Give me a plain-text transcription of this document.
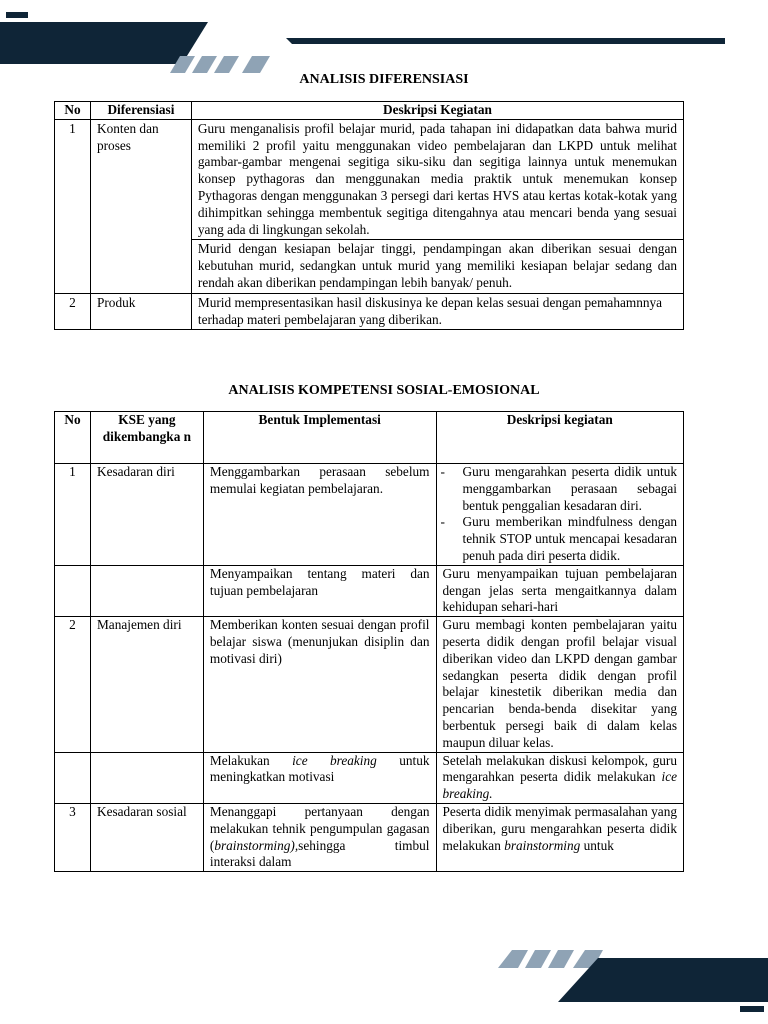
ANALISIS DIFERENSIASI
No	Diferensiasi	Deskripsi Kegiatan
1	Konten dan proses	Guru menganalisis profil belajar murid, pada tahapan ini didapatkan data bahwa murid memiliki 2 profil yaitu menggunakan video pembelajaran dan LKPD untuk melihat gambar-gambar mengenai segitiga siku-siku dan segitiga lainnya untuk menemukan konsep pythagoras dan menggunakan media praktik untuk menemukan konsep Pythagoras dengan menggunakan 3 persegi dari kertas HVS atau kertas kotak-kotak yang dihimpitkan sehingga membentuk segitiga ditengahnya atau mencari benda yang sesuai yang ada di lingkungan sekolah.
		Murid dengan kesiapan belajar tinggi, pendampingan akan diberikan sesuai dengan kebutuhan murid, sedangkan untuk murid yang memiliki kesiapan belajar sedang dan rendah akan diberikan pendampingan lebih banyak/ penuh.
2	Produk	Murid mempresentasikan hasil diskusinya ke depan kelas sesuai dengan pemahamnnya terhadap materi pembelajaran yang diberikan.
ANALISIS KOMPETENSI SOSIAL-EMOSIONAL
No	KSE yang dikembangka n	Bentuk Implementasi	Deskripsi kegiatan
1	Kesadaran diri	Menggambarkan perasaan sebelum memulai kegiatan pembelajaran.	- Guru mengarahkan peserta didik untuk menggambarkan perasaan sebagai bentuk penggalian kesadaran diri.
- Guru memberikan mindfulness dengan tehnik STOP untuk mencapai kesadaran penuh pada diri peserta didik.

		Menyampaikan tentang materi dan tujuan pembelajaran	Guru menyampaikan tujuan pembelajaran dengan jelas serta mengaitkannya dalam kehidupan sehari-hari
2	Manajemen diri	Memberikan konten sesuai dengan profil belajar siswa (menunjukan disiplin dan motivasi diri)	Guru membagi konten pembelajaran yaitu peserta didik dengan profil belajar visual diberikan video dan LKPD dengan gambar sedangkan peserta didik dengan profil belajar kinestetik diberikan media dan pencarian benda-benda disekitar yang berbentuk persegi baik di dalam kelas maupun diluar kelas.
		Melakukan ice breaking untuk meningkatkan motivasi	Setelah melakukan diskusi kelompok, guru mengarahkan peserta didik melakukan ice breaking.
3	Kesadaran sosial	Menanggapi pertanyaan dengan melakukan tehnik pengumpulan gagasan (brainstorming),sehingga timbul interaksi dalam	Peserta didik menyimak permasalahan yang diberikan, guru mengarahkan peserta didik melakukan brainstorming untuk
